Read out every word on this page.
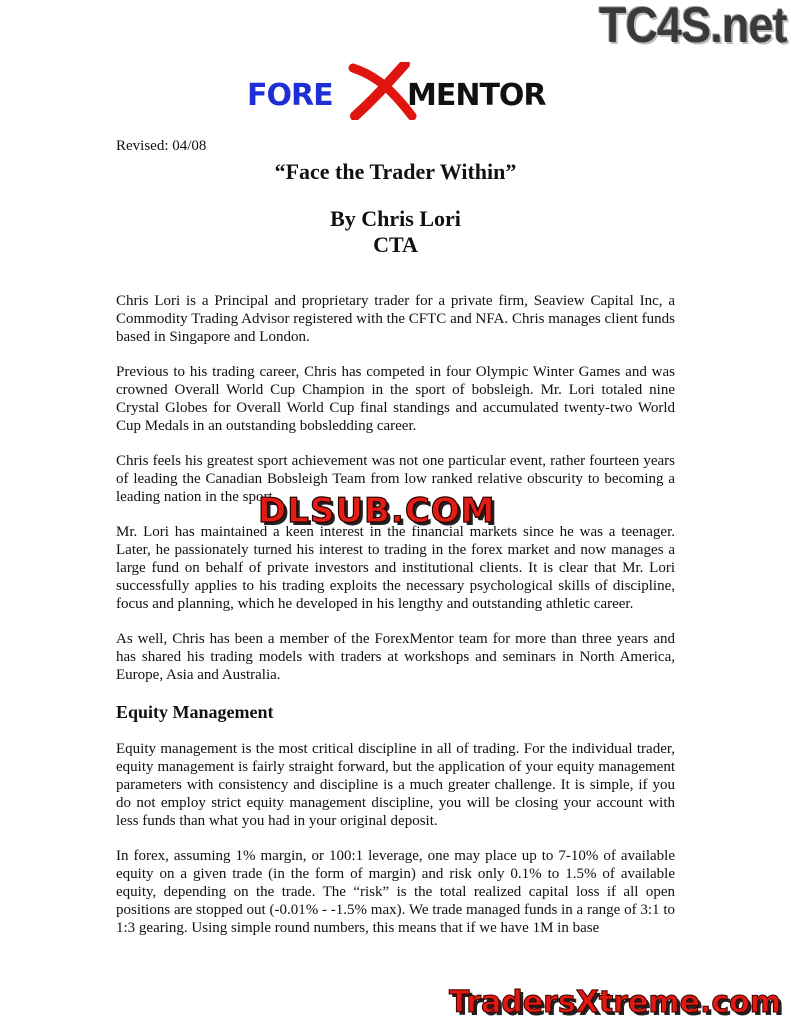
TC4S.net
FORE MENTOR

Revised: 04/08

“Face the Trader Within”
By Chris Lori
CTA

Chris Lori is a Principal and proprietary trader for a private firm, Seaview Capital Inc, a Commodity Trading Advisor registered with the CFTC and NFA. Chris manages client funds based in Singapore and London.

Previous to his trading career, Chris has competed in four Olympic Winter Games and was crowned Overall World Cup Champion in the sport of bobsleigh. Mr. Lori totaled nine Crystal Globes for Overall World Cup final standings and accumulated twenty-two World Cup Medals in an outstanding bobsledding career.

Chris feels his greatest sport achievement was not one particular event, rather fourteen years of leading the Canadian Bobsleigh Team from low ranked relative obscurity to becoming a leading nation in the sport.

Mr. Lori has maintained a keen interest in the financial markets since he was a teenager. Later, he passionately turned his interest to trading in the forex market and now manages a large fund on behalf of private investors and institutional clients. It is clear that Mr. Lori successfully applies to his trading exploits the necessary psychological skills of discipline, focus and planning, which he developed in his lengthy and outstanding athletic career.

As well, Chris has been a member of the ForexMentor team for more than three years and has shared his trading models with traders at workshops and seminars in North America, Europe, Asia and Australia.

Equity Management

Equity management is the most critical discipline in all of trading. For the individual trader, equity management is fairly straight forward, but the application of your equity management parameters with consistency and discipline is a much greater challenge. It is simple, if you do not employ strict equity management discipline, you will be closing your account with less funds than what you had in your original deposit.

In forex, assuming 1% margin, or 100:1 leverage, one may place up to 7-10% of available equity on a given trade (in the form of margin) and risk only 0.1% to 1.5% of available equity, depending on the trade. The “risk” is the total realized capital loss if all open positions are stopped out (-0.01% - -1.5% max). We trade managed funds in a range of 3:1 to 1:3 gearing. Using simple round numbers, this means that if we have 1M in base

DLSUB.COM
TradersXtreme.com
